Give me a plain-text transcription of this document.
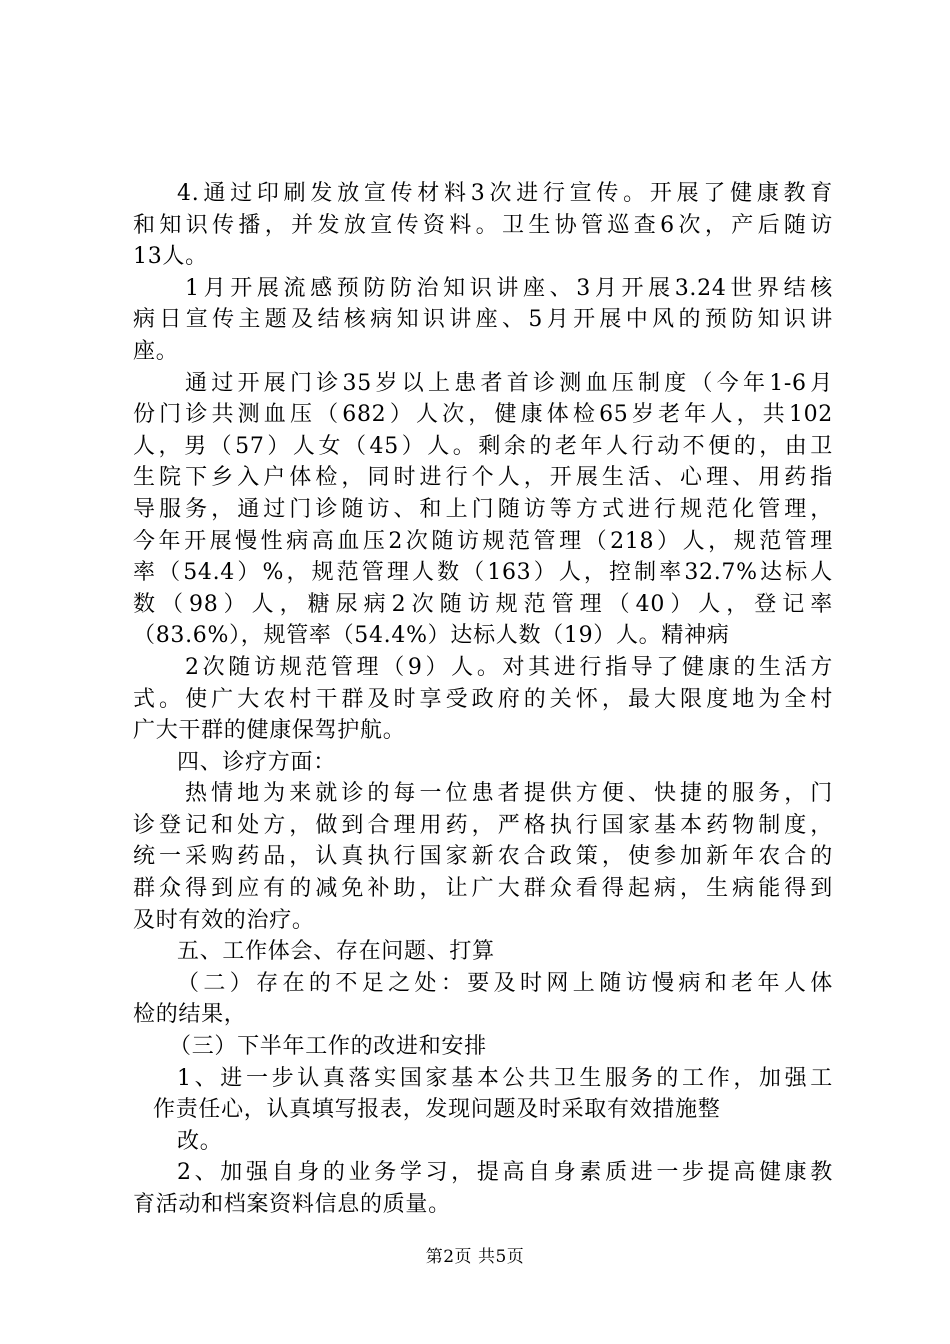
4.通过印刷发放宣传材料3次进行宣传。开展了健康教育
和知识传播，并发放宣传资料。卫生协管巡查6次，产后随访
13人。
1月开展流感预防防治知识讲座、3月开展3.24世界结核
病日宣传主题及结核病知识讲座、5月开展中风的预防知识讲
座。
通过开展门诊35岁以上患者首诊测血压制度（今年1-6月
份门诊共测血压（682）人次，健康体检65岁老年人，共102
人，男（57）人女（45）人。剩余的老年人行动不便的，由卫
生院下乡入户体检，同时进行个人，开展生活、心理、用药指
导服务，通过门诊随访、和上门随访等方式进行规范化管理，
今年开展慢性病高血压2次随访规范管理（218）人，规范管理
率（54.4）%，规范管理人数（163）人，控制率32.7%达标人
数（98）人，糖尿病2次随访规范管理（40）人，登记率
（83.6%），规管率（54.4%）达标人数（19）人。精神病
2次随访规范管理（9）人。对其进行指导了健康的生活方
式。使广大农村干群及时享受政府的关怀，最大限度地为全村
广大干群的健康保驾护航。
四、诊疗方面：
热情地为来就诊的每一位患者提供方便、快捷的服务，门
诊登记和处方，做到合理用药，严格执行国家基本药物制度，
统一采购药品，认真执行国家新农合政策，使参加新年农合的
群众得到应有的减免补助，让广大群众看得起病，生病能得到
及时有效的治疗。
五、工作体会、存在问题、打算
（二）存在的不足之处：要及时网上随访慢病和老年人体
检的结果，
（三）下半年工作的改进和安排
1、进一步认真落实国家基本公共卫生服务的工作，加强工
作责任心，认真填写报表，发现问题及时采取有效措施整
改。
2、加强自身的业务学习，提高自身素质进一步提高健康教
育活动和档案资料信息的质量。
第2页 共5页
